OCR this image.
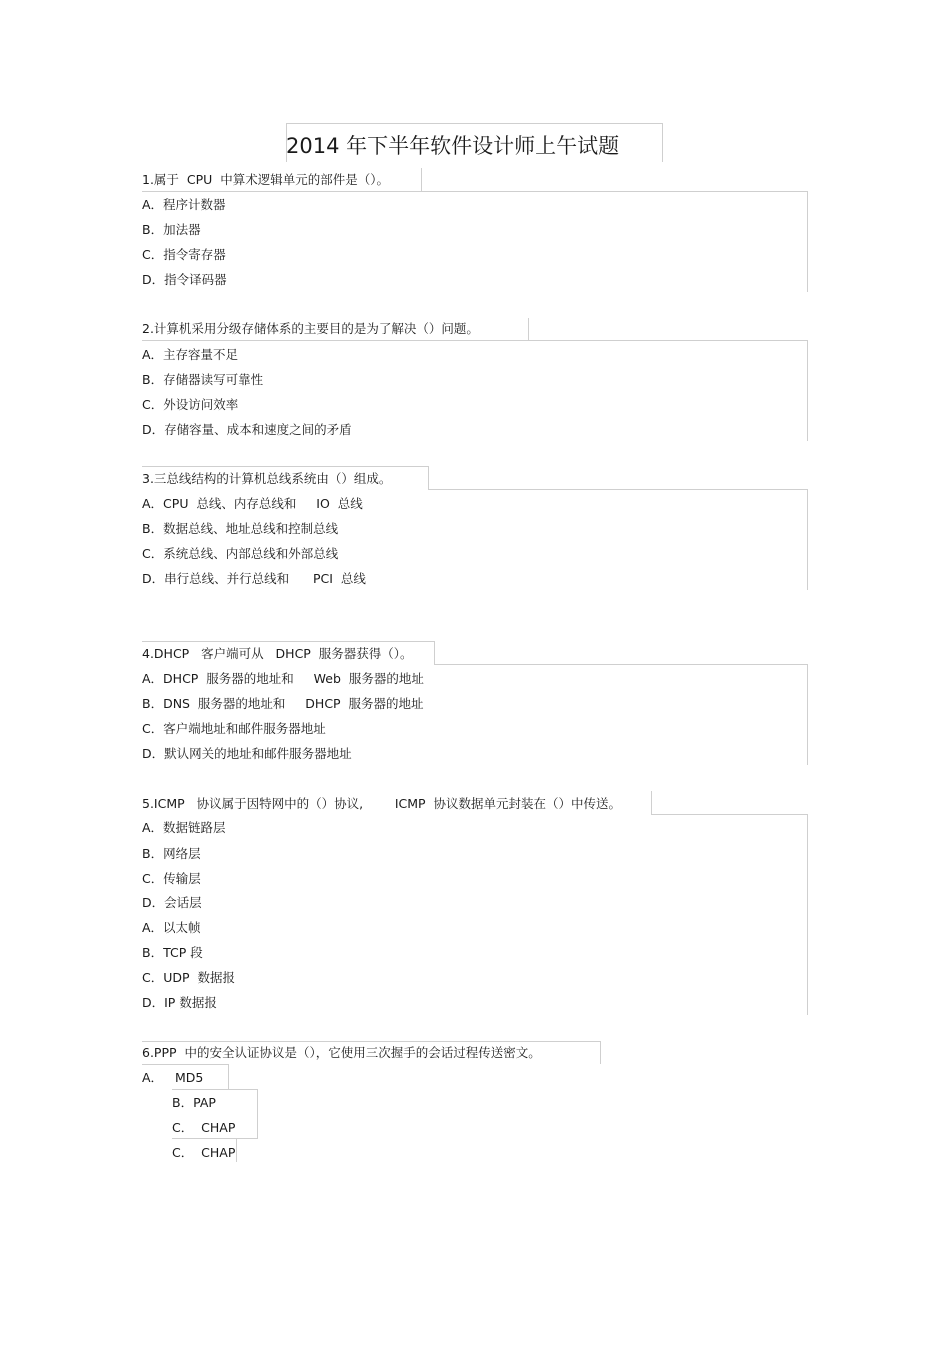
2014 年下半年软件设计师上午试题
1.属于  CPU  中算术逻辑单元的部件是（）。
A．程序计数器
B．加法器
C．指令寄存器
D．指令译码器
2.计算机采用分级存储体系的主要目的是为了解决（）问题。
A．主存容量不足
B．存储器读写可靠性
C．外设访问效率
D．存储容量、成本和速度之间的矛盾
3.三总线结构的计算机总线系统由（）组成。
A．CPU  总线、内存总线和     IO  总线
B．数据总线、地址总线和控制总线
C．系统总线、内部总线和外部总线
D．串行总线、并行总线和      PCI  总线
4.DHCP   客户端可从   DHCP  服务器获得（）。
A．DHCP  服务器的地址和     Web  服务器的地址
B．DNS  服务器的地址和     DHCP  服务器的地址
C．客户端地址和邮件服务器地址
D．默认网关的地址和邮件服务器地址
5.ICMP   协议属于因特网中的（）协议,        ICMP  协议数据单元封装在（）中传送。
A．数据链路层
B．网络层
C．传输层
D．会话层
A．以太帧
B．TCP 段
C．UDP  数据报
D．IP 数据报
6.PPP  中的安全认证协议是（），它使用三次握手的会话过程传送密文。
A．   MD5
B．PAP
C．  CHAP
C．  CHAP
